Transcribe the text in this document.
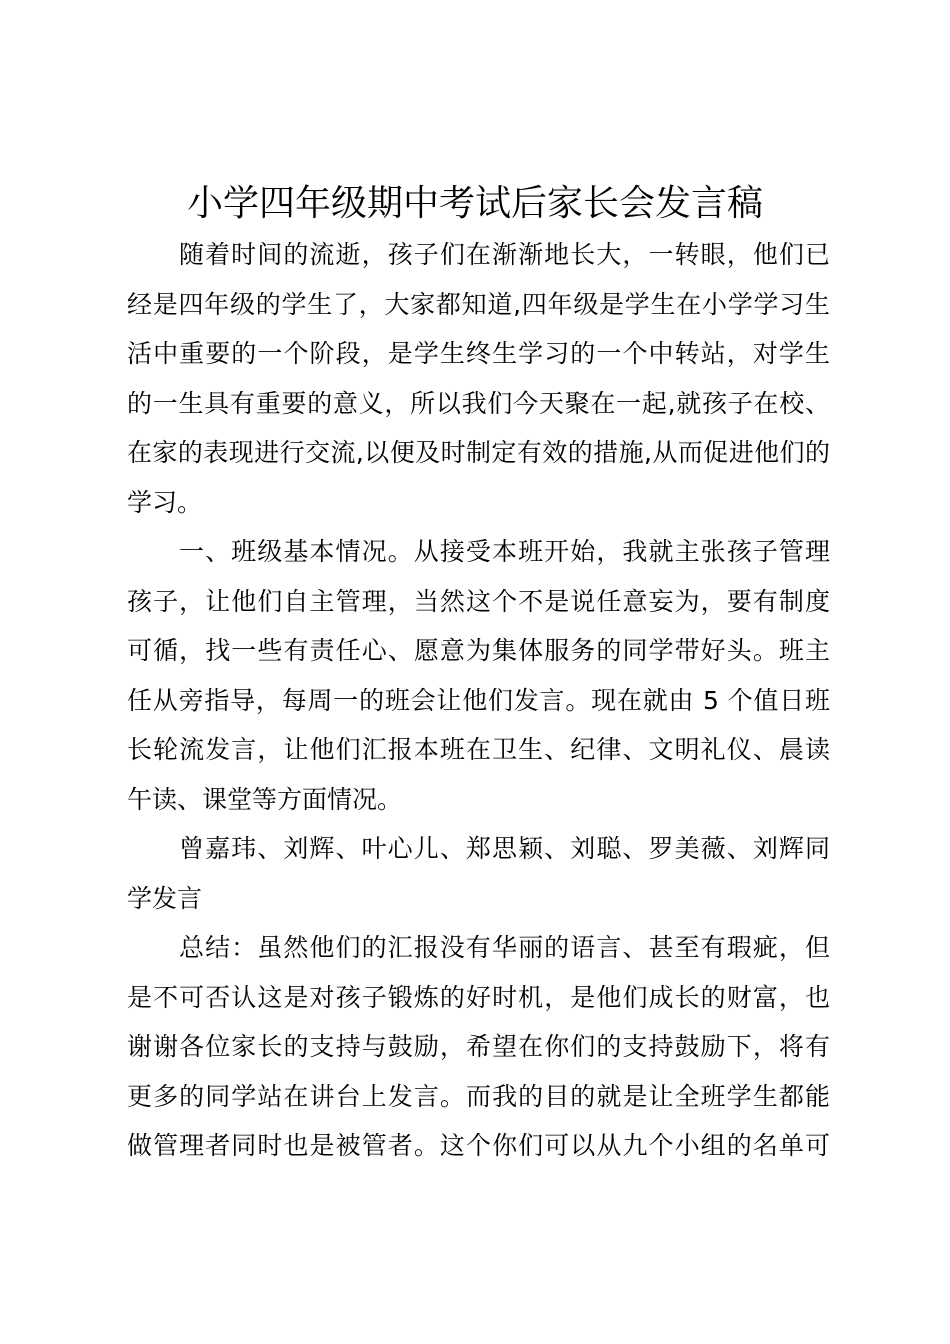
小学四年级期中考试后家长会发言稿
随着时间的流逝，孩子们在渐渐地长大，一转眼，他们已
经是四年级的学生了，大家都知道,四年级是学生在小学学习生
活中重要的一个阶段，是学生终生学习的一个中转站，对学生
的一生具有重要的意义，所以我们今天聚在一起,就孩子在校、
在家的表现进行交流,以便及时制定有效的措施,从而促进他们的
学习。
一、班级基本情况。从接受本班开始，我就主张孩子管理
孩子，让他们自主管理，当然这个不是说任意妄为，要有制度
可循，找一些有责任心、愿意为集体服务的同学带好头。班主
任从旁指导，每周一的班会让他们发言。现在就由 5 个值日班
长轮流发言，让他们汇报本班在卫生、纪律、文明礼仪、晨读
午读、课堂等方面情况。
曾嘉玮、刘辉、叶心儿、郑思颖、刘聪、罗美薇、刘辉同
学发言
总结：虽然他们的汇报没有华丽的语言、甚至有瑕疵，但
是不可否认这是对孩子锻炼的好时机，是他们成长的财富，也
谢谢各位家长的支持与鼓励，希望在你们的支持鼓励下，将有
更多的同学站在讲台上发言。而我的目的就是让全班学生都能
做管理者同时也是被管者。这个你们可以从九个小组的名单可
